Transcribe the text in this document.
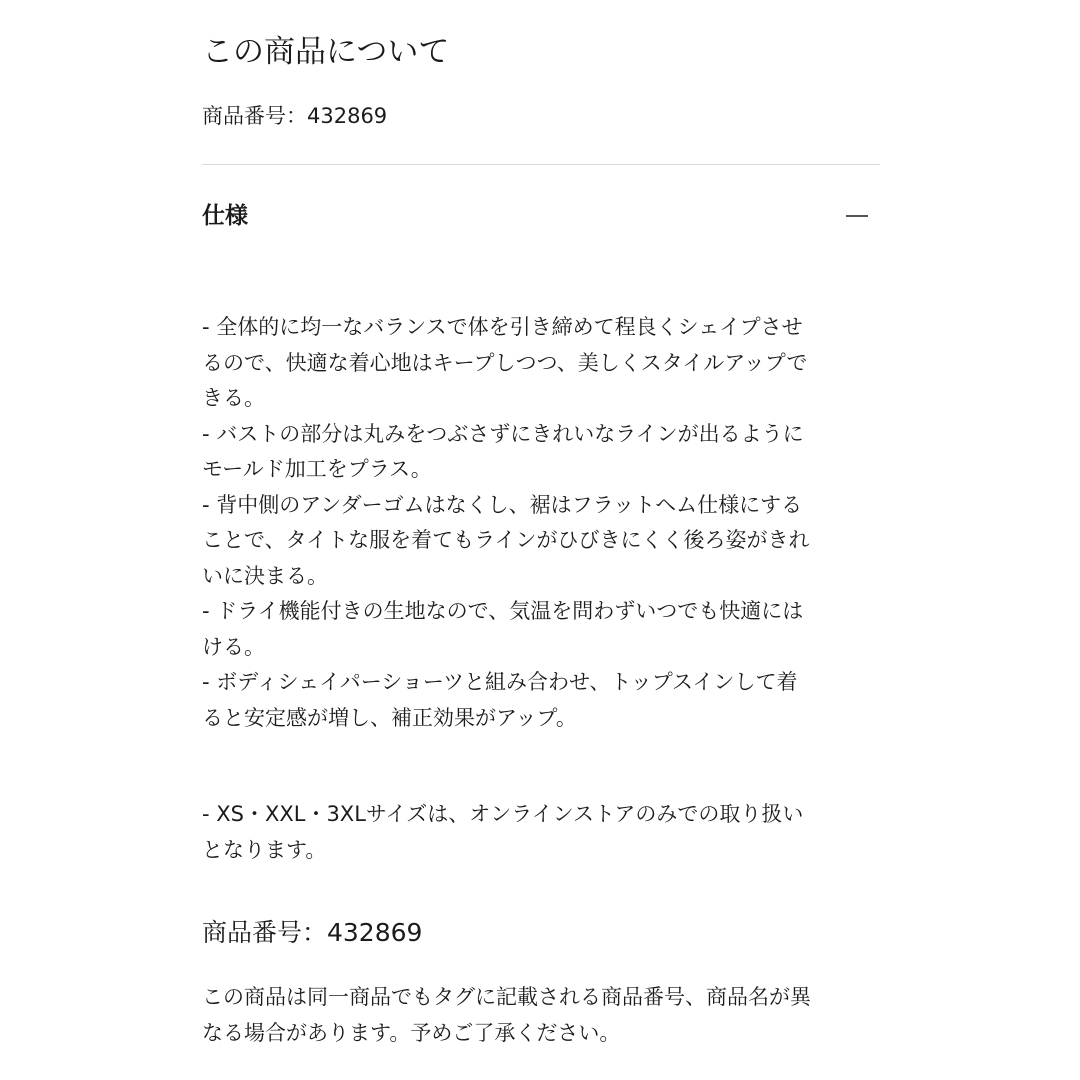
この商品について
商品番号：432869
仕様
- 全体的に均一なバランスで体を引き締めて程良くシェイプさせ
るので、快適な着心地はキープしつつ、美しくスタイルアップで
きる。
- バストの部分は丸みをつぶさずにきれいなラインが出るように
モールド加工をプラス。
- 背中側のアンダーゴムはなくし、裾はフラットヘム仕様にする
ことで、タイトな服を着てもラインがひびきにくく後ろ姿がきれ
いに決まる。
- ドライ機能付きの生地なので、気温を問わずいつでも快適には
ける。
- ボディシェイパーショーツと組み合わせ、トップスインして着
ると安定感が増し、補正効果がアップ。
- XS・XXL・3XLサイズは、オンラインストアのみでの取り扱い
となります。
商品番号：432869
この商品は同一商品でもタグに記載される商品番号、商品名が異
なる場合があります。予めご了承ください。
